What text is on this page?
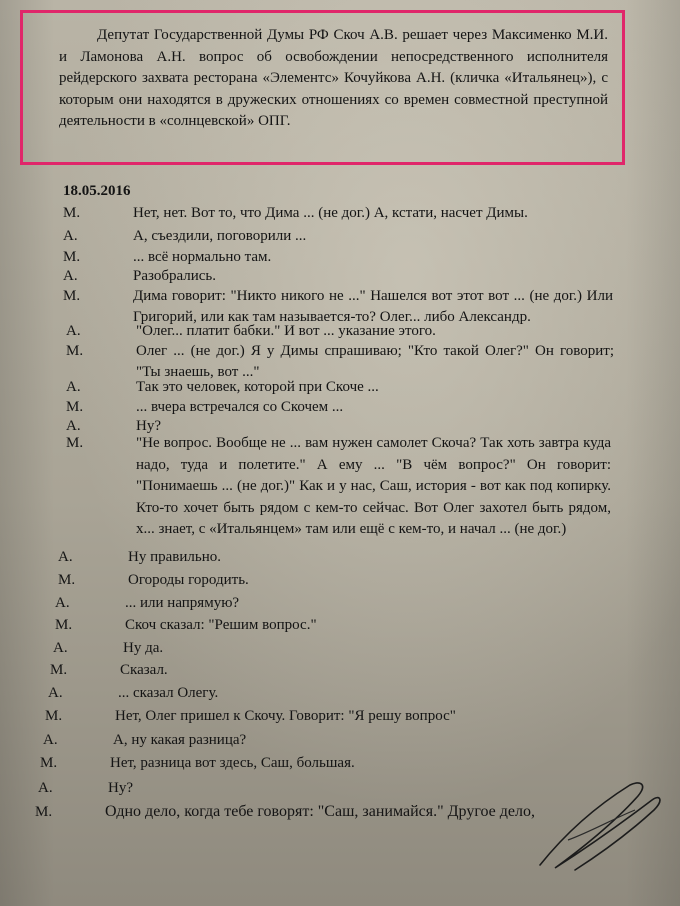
Депутат Государственной Думы РФ Скоч А.В. решает через Максименко М.И. и Ламонова А.Н. вопрос об освобождении непосредственного исполнителя рейдерского захвата ресторана «Элементс» Кочуйкова А.Н. (кличка «Итальянец»), с которым они находятся в дружеских отношениях со времен совместной преступной деятельности в «солнцевской» ОПГ.

18.05.2016
М.	Нет, нет. Вот то, что Дима ... (не дог.) А, кстати, насчет Димы.
А.	А, съездили, поговорили ...
М.	... всё нормально там.
А.	Разобрались.
М.	Дима говорит: "Никто никого не ..." Нашелся вот этот вот ... (не дог.) Или Григорий, или как там называется-то? Олег... либо Александр.
А.	"Олег... платит бабки." И вот ... указание этого.
М.	Олег ... (не дог.) Я у Димы спрашиваю; "Кто такой Олег?" Он говорит; "Ты знаешь, вот ..."
А.	Так это человек, которой при Скоче ...
М.	... вчера встречался со Скочем ...
А.	Ну?
М.	"Не вопрос. Вообще не ... вам нужен самолет Скоча? Так хоть завтра куда надо, туда и полетите." А ему ... "В чём вопрос?" Он говорит: "Понимаешь ... (не дог.)" Как и у нас, Саш, история - вот как под копирку. Кто-то хочет быть рядом с кем-то сейчас. Вот Олег захотел быть рядом, х... знает, с «Итальянцем» там или ещё с кем-то, и начал ... (не дог.)
А.	Ну правильно.
М.	Огороды городить.
А.	... или напрямую?
М.	Скоч сказал: "Решим вопрос."
А.	Ну да.
М.	Сказал.
А.	... сказал Олегу.
М.	Нет, Олег пришел к Скочу. Говорит: "Я решу вопрос"
А.	А, ну какая разница?
М.	Нет, разница вот здесь, Саш, большая.
А.	Ну?
М.	Одно дело, когда тебе говорят: "Саш, занимайся." Другое дело,
